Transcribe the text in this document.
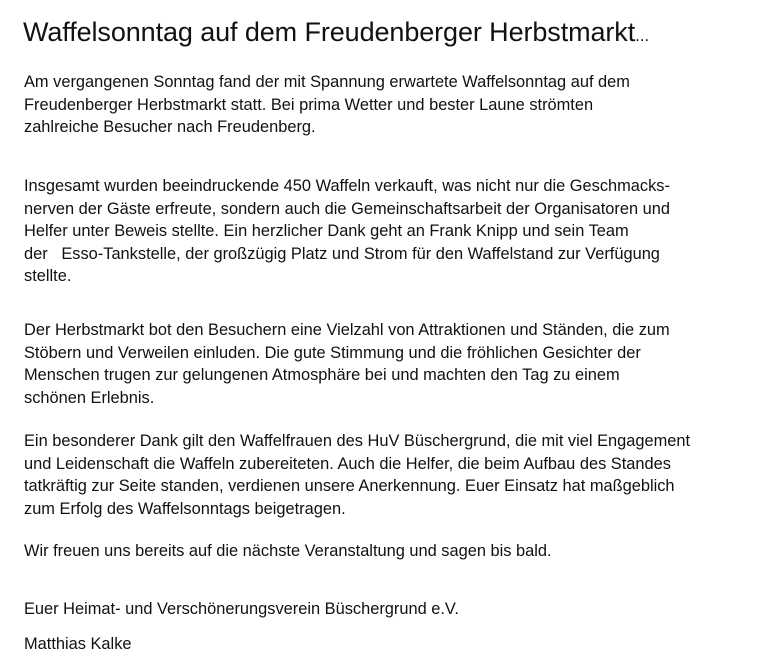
Waffelsonntag auf dem Freudenberger Herbstmarkt...
Am vergangenen Sonntag fand der mit Spannung erwartete Waffelsonntag auf dem
Freudenberger Herbstmarkt statt. Bei prima Wetter und bester Laune strömten
zahlreiche Besucher nach Freudenberg.
Insgesamt wurden beeindruckende 450 Waffeln verkauft, was nicht nur die Geschmacks-
nerven der Gäste erfreute, sondern auch die Gemeinschaftsarbeit der Organisatoren und
Helfer unter Beweis stellte. Ein herzlicher Dank geht an Frank Knipp und sein Team
der   Esso-Tankstelle, der großzügig Platz und Strom für den Waffelstand zur Verfügung
stellte.
Der Herbstmarkt bot den Besuchern eine Vielzahl von Attraktionen und Ständen, die zum
Stöbern und Verweilen einluden. Die gute Stimmung und die fröhlichen Gesichter der
Menschen trugen zur gelungenen Atmosphäre bei und machten den Tag zu einem
schönen Erlebnis.
Ein besonderer Dank gilt den Waffelfrauen des HuV Büschergrund, die mit viel Engagement
und Leidenschaft die Waffeln zubereiteten. Auch die Helfer, die beim Aufbau des Standes
tatkräftig zur Seite standen, verdienen unsere Anerkennung. Euer Einsatz hat maßgeblich
zum Erfolg des Waffelsonntags beigetragen.
Wir freuen uns bereits auf die nächste Veranstaltung und sagen bis bald.
Euer Heimat- und Verschönerungsverein Büschergrund e.V.
Matthias Kalke
